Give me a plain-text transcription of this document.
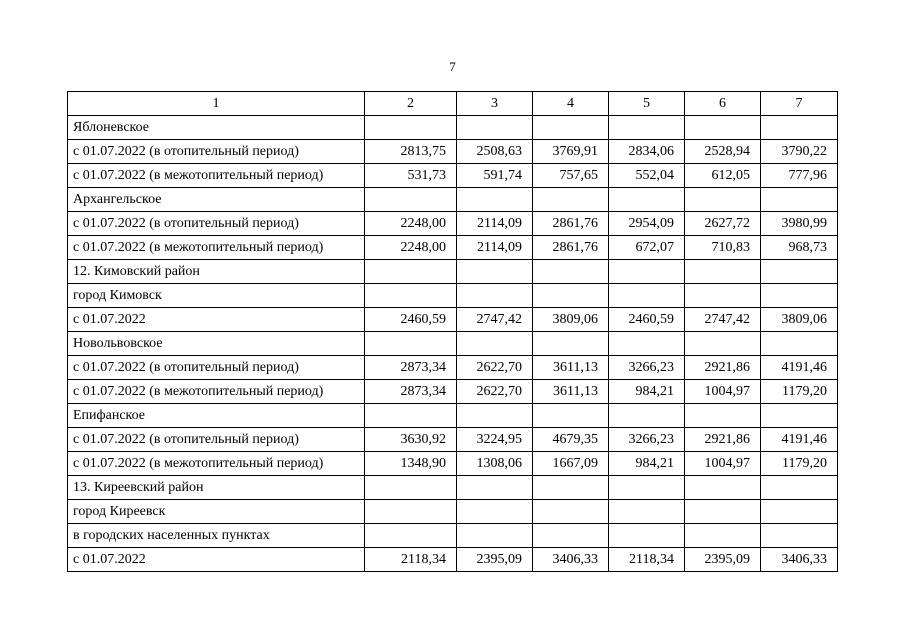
7
1	2	3	4	5	6	7
Яблоневское						
с 01.07.2022 (в отопительный период)	2813,75	2508,63	3769,91	2834,06	2528,94	3790,22
с 01.07.2022 (в межотопительный период)	531,73	591,74	757,65	552,04	612,05	777,96
Архангельское						
с 01.07.2022 (в отопительный период)	2248,00	2114,09	2861,76	2954,09	2627,72	3980,99
с 01.07.2022 (в межотопительный период)	2248,00	2114,09	2861,76	672,07	710,83	968,73
12. Кимовский район						
город Кимовск						
с 01.07.2022	2460,59	2747,42	3809,06	2460,59	2747,42	3809,06
Новольвовское						
с 01.07.2022 (в отопительный период)	2873,34	2622,70	3611,13	3266,23	2921,86	4191,46
с 01.07.2022 (в межотопительный период)	2873,34	2622,70	3611,13	984,21	1004,97	1179,20
Епифанское						
с 01.07.2022 (в отопительный период)	3630,92	3224,95	4679,35	3266,23	2921,86	4191,46
с 01.07.2022 (в межотопительный период)	1348,90	1308,06	1667,09	984,21	1004,97	1179,20
13. Киреевский район						
город Киреевск						
в городских населенных пунктах						
с 01.07.2022	2118,34	2395,09	3406,33	2118,34	2395,09	3406,33
